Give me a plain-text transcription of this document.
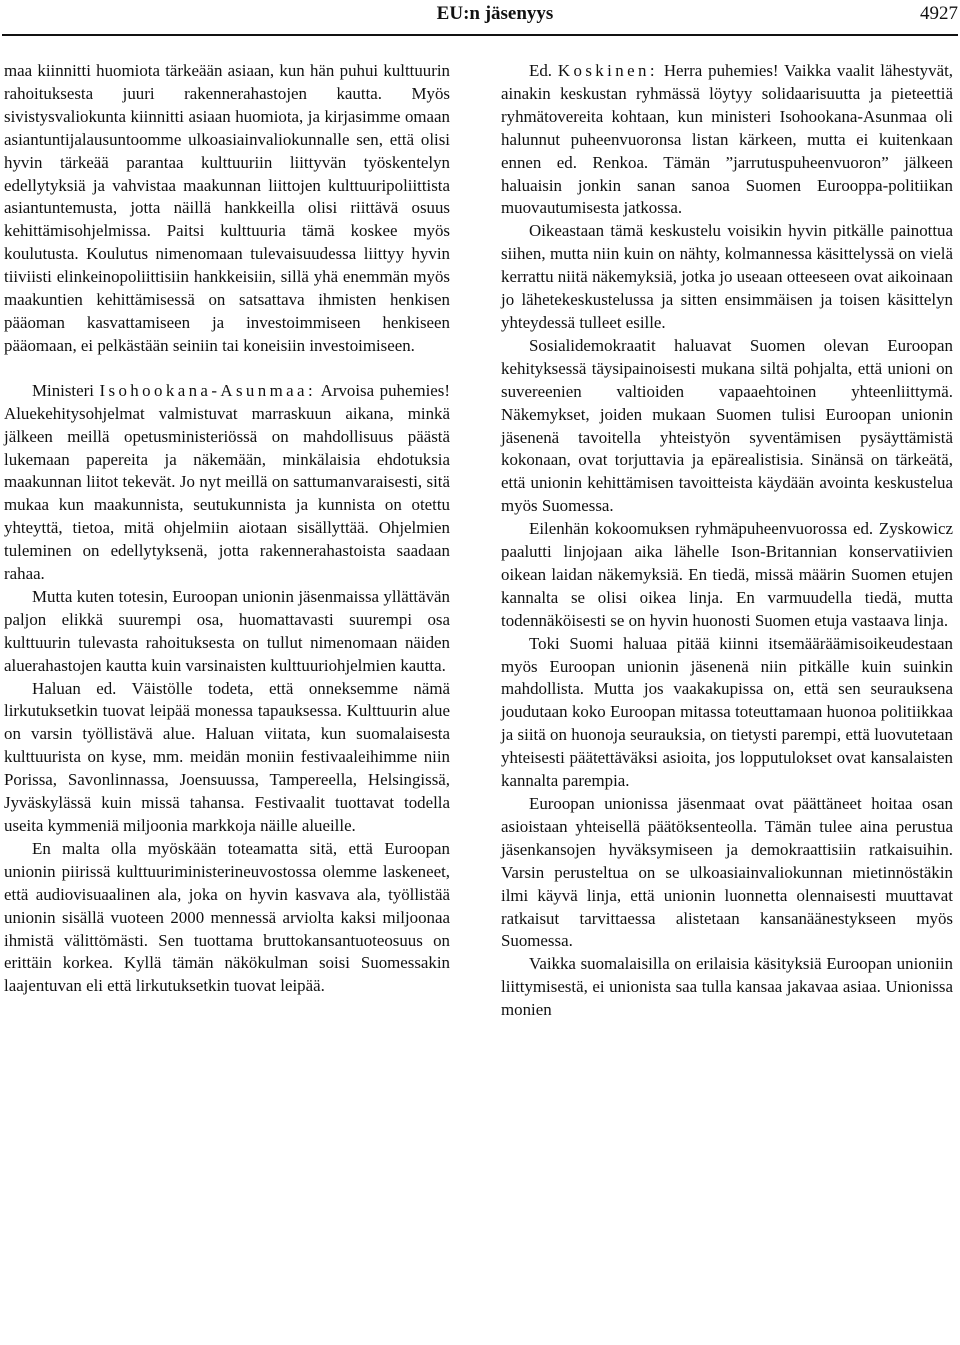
EU:n jäsenyys	4927

maa kiinnitti huomiota tärkeään asiaan, kun hän puhui kulttuurin rahoituksesta juuri rakennerahastojen kautta. Myös sivistysvaliokunta kiinnitti asiaan huomiota, ja kirjasimme omaan asiantuntijalausuntoomme ulkoasiainvaliokunnalle sen, että olisi hyvin tärkeää parantaa kulttuuriin liittyvän työskentelyn edellytyksiä ja vahvistaa maakunnan liittojen kulttuuripoliittista asiantuntemusta, jotta näillä hankkeilla olisi riittävä osuus kehittämisohjelmissa. Paitsi kulttuuria tämä koskee myös koulutusta. Koulutus nimenomaan tulevaisuudessa liittyy hyvin tiiviisti elinkeinopoliittisiin hankkeisiin, sillä yhä enemmän myös maakuntien kehittämisessä on satsattava ihmisten henkisen pääoman kasvattamiseen ja investoimmiseen henkiseen pääomaan, ei pelkästään seiniin tai koneisiin investoimiseen.

Ministeri Isohookana-Asunmaa: Arvoisa puhemies! Aluekehitysohjelmat valmistuvat marraskuun aikana, minkä jälkeen meillä opetusministeriössä on mahdollisuus päästä lukemaan papereita ja näkemään, minkälaisia ehdotuksia maakunnan liitot tekevät. Jo nyt meillä on sattumanvaraisesti, sitä mukaa kun maakunnista, seutukunnista ja kunnista on otettu yhteyttä, tietoa, mitä ohjelmiin aiotaan sisällyttää. Ohjelmien tuleminen on edellytyksenä, jotta rakennerahastoista saadaan rahaa.

Mutta kuten totesin, Euroopan unionin jäsenmaissa yllättävän paljon elikkä suurempi osa, huomattavasti suurempi osa kulttuurin tulevasta rahoituksesta on tullut nimenomaan näiden aluerahastojen kautta kuin varsinaisten kulttuuriohjelmien kautta.

Haluan ed. Väistölle todeta, että onneksemme nämä lirkutuksetkin tuovat leipää monessa tapauksessa. Kulttuurin alue on varsin työllistävä alue. Haluan viitata, kun suomalaisesta kulttuurista on kyse, mm. meidän moniin festivaaleihimme niin Porissa, Savonlinnassa, Joensuussa, Tampereella, Helsingissä, Jyväskylässä kuin missä tahansa. Festivaalit tuottavat todella useita kymmeniä miljoonia markkoja näille alueille.

En malta olla myöskään toteamatta sitä, että Euroopan unionin piirissä kulttuuriministerineuvostossa olemme laskeneet, että audiovisuaalinen ala, joka on hyvin kasvava ala, työllistää unionin sisällä vuoteen 2000 mennessä arviolta kaksi miljoonaa ihmistä välittömästi. Sen tuottama bruttokansantuoteosuus on erittäin korkea. Kyllä tämän näkökulman soisi Suomessakin laajentuvan eli että lirkutuksetkin tuovat leipää.

Ed. Koskinen: Herra puhemies! Vaikka vaalit lähestyvät, ainakin keskustan ryhmässä löytyy solidaarisuutta ja pieteettiä ryhmätovereita kohtaan, kun ministeri Isohookana-Asunmaa oli halunnut puheenvuoronsa listan kärkeen, mutta ei kuitenkaan ennen ed. Renkoa. Tämän ”jarrutuspuheenvuoron” jälkeen haluaisin jonkin sanan sanoa Suomen Eurooppa-politiikan muovautumisesta jatkossa.

Oikeastaan tämä keskustelu voisikin hyvin pitkälle painottua siihen, mutta niin kuin on nähty, kolmannessa käsittelyssä on vielä kerrattu niitä näkemyksiä, jotka jo useaan otteeseen ovat aikoinaan jo lähetekeskustelussa ja sitten ensimmäisen ja toisen käsittelyn yhteydessä tulleet esille.

Sosialidemokraatit haluavat Suomen olevan Euroopan kehityksessä täysipainoisesti mukana siltä pohjalta, että unioni on suvereenien valtioiden vapaaehtoinen yhteenliittymä. Näkemykset, joiden mukaan Suomen tulisi Euroopan unionin jäsenenä tavoitella yhteistyön syventämisen pysäyttämistä kokonaan, ovat torjuttavia ja epärealistisia. Sinänsä on tärkeätä, että unionin kehittämisen tavoitteista käydään avointa keskustelua myös Suomessa.

Eilenhän kokoomuksen ryhmäpuheenvuorossa ed. Zyskowicz paalutti linjojaan aika lähelle Ison-Britannian konservatiivien oikean laidan näkemyksiä. En tiedä, missä määrin Suomen etujen kannalta se olisi oikea linja. En varmuudella tiedä, mutta todennäköisesti se on hyvin huonosti Suomen etuja vastaava linja.

Toki Suomi haluaa pitää kiinni itsemääräämisoikeudestaan myös Euroopan unionin jäsenenä niin pitkälle kuin suinkin mahdollista. Mutta jos vaakakupissa on, että sen seurauksena joudutaan koko Euroopan mitassa toteuttamaan huonoa politiikkaa ja siitä on huonoja seurauksia, on tietysti parempi, että luovutetaan yhteisesti päätettäväksi asioita, jos lopputulokset ovat kansalaisten kannalta parempia.

Euroopan unionissa jäsenmaat ovat päättäneet hoitaa osan asioistaan yhteisellä päätöksenteolla. Tämän tulee aina perustua jäsenkansojen hyväksymiseen ja demokraattisiin ratkaisuihin. Varsin perusteltua on se ulkoasiainvaliokunnan mietinnöstäkin ilmi käyvä linja, että unionin luonnetta olennaisesti muuttavat ratkaisut tarvittaessa alistetaan kansanäänestykseen myös Suomessa.

Vaikka suomalaisilla on erilaisia käsityksiä Euroopan unioniin liittymisestä, ei unionista saa tulla kansaa jakavaa asiaa. Unionissa monien
